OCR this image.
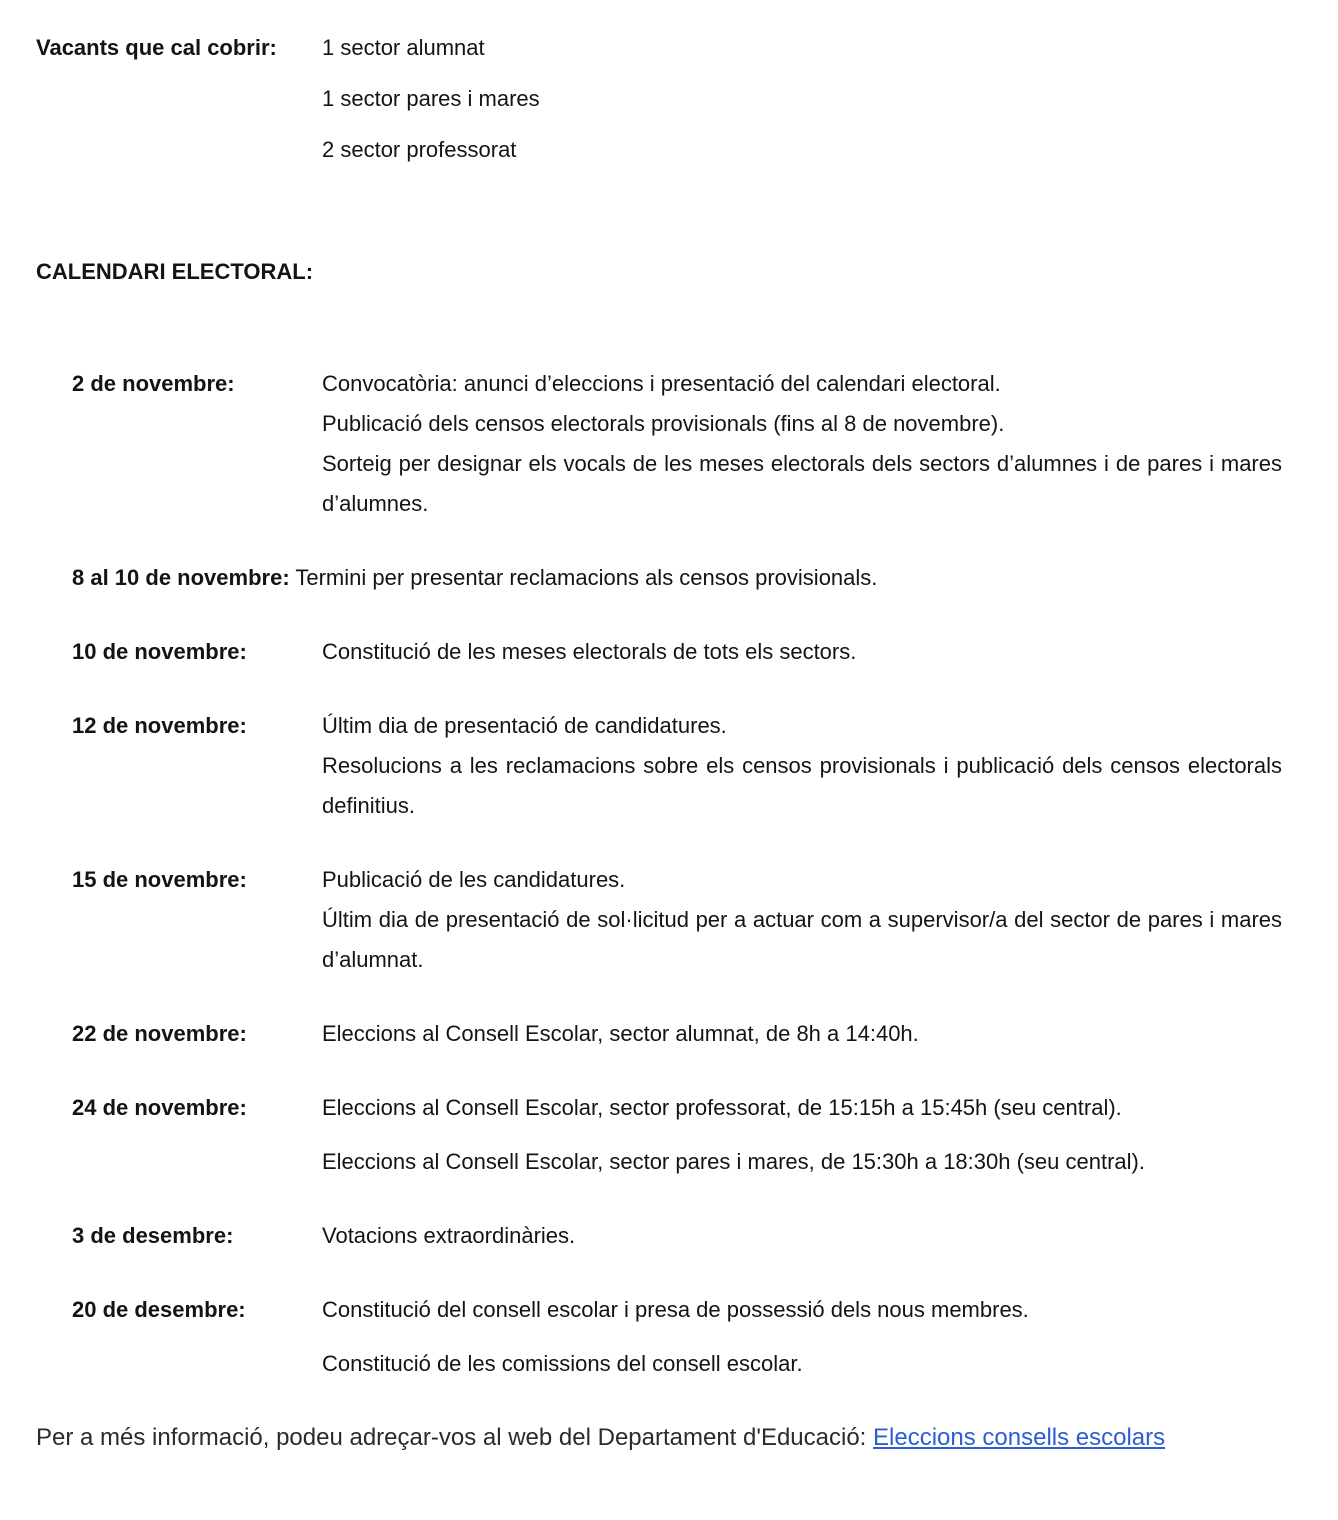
Vacants que cal cobrir:	1 sector alumnat
1 sector pares i mares
2 sector professorat
CALENDARI ELECTORAL:
2 de novembre:	Convocatòria: anunci d’eleccions i presentació del calendari electoral.

Publicació dels censos electorals provisionals (fins al 8 de novembre).

Sorteig per designar els vocals de les meses electorals dels sectors d’alumnes i de pares i mares d’alumnes.

8 al 10 de novembre: Termini per presentar reclamacions als censos provisionals.
10 de novembre:	Constitució de les meses electorals de tots els sectors.

12 de novembre:	Últim dia de presentació de candidatures.

Resolucions a les reclamacions sobre els censos provisionals i publicació dels censos electorals definitius.

15 de novembre:	Publicació de les candidatures.

Últim dia de presentació de sol·licitud per a actuar com a supervisor/a del sector de pares i mares d’alumnat.

22 de novembre:	Eleccions al Consell Escolar, sector alumnat, de 8h a 14:40h.

24 de novembre:	Eleccions al Consell Escolar, sector professorat, de 15:15h a 15:45h (seu central).

Eleccions al Consell Escolar, sector pares i mares, de 15:30h a 18:30h (seu central).

3 de desembre:	Votacions extraordinàries.

20 de desembre:	Constitució del consell escolar i presa de possessió dels nous membres.

Constitució de les comissions del consell escolar.

Per a més informació, podeu adreçar-vos al web del Departament d'Educació: Eleccions consells escolars
